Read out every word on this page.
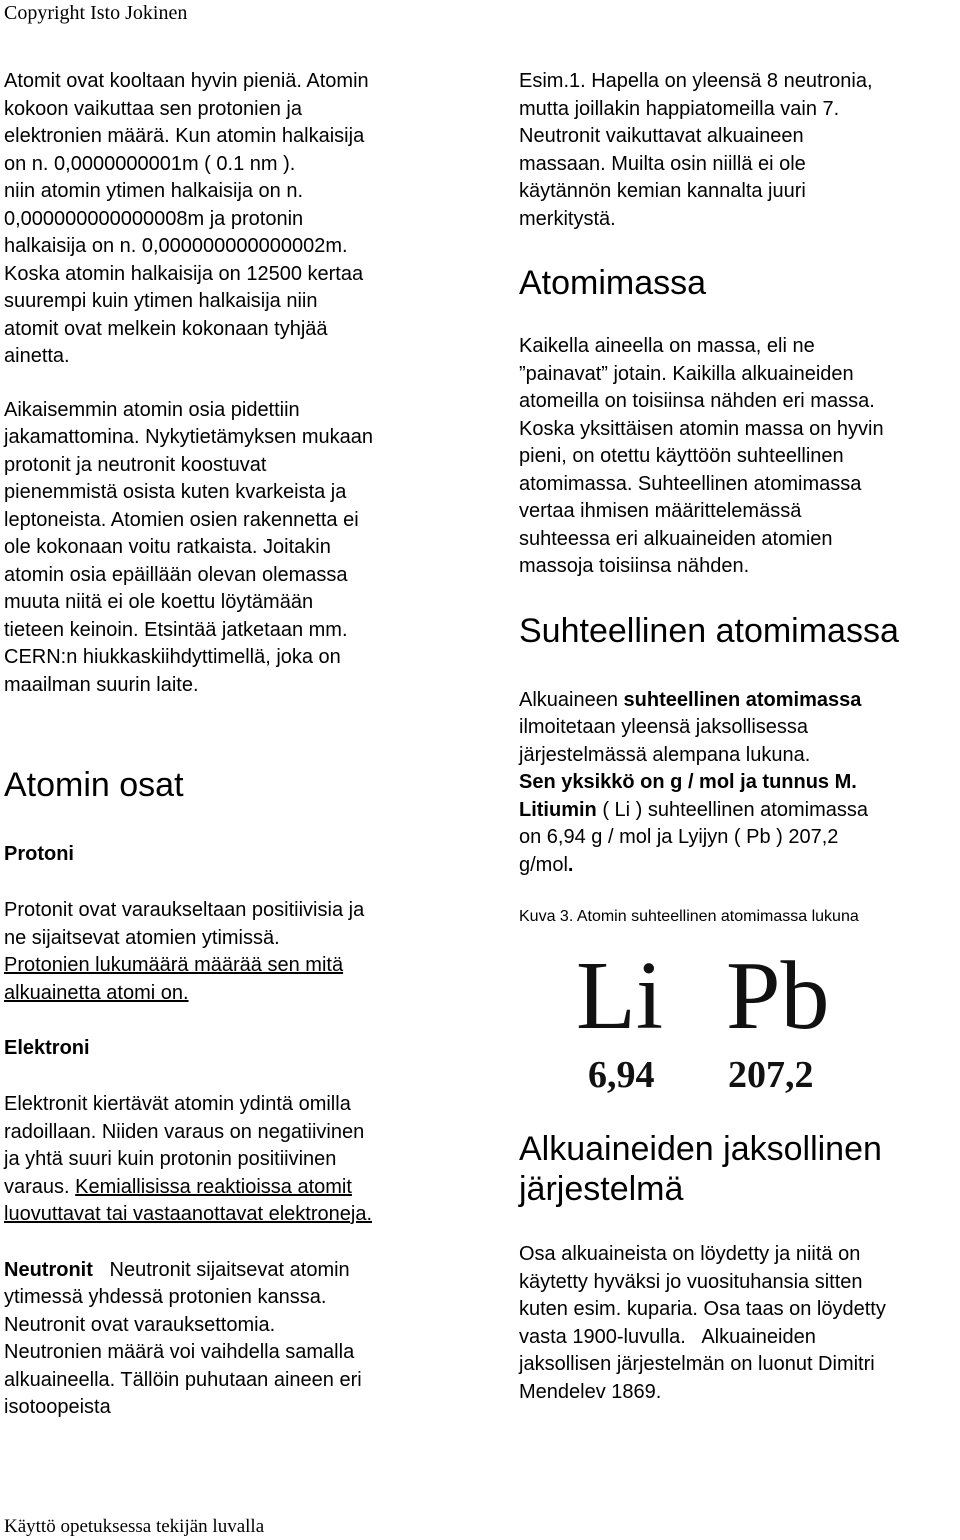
Copyright Isto Jokinen

Atomit ovat kooltaan hyvin pieniä. Atomin

kokoon vaikuttaa sen protonien ja

elektronien määrä. Kun atomin halkaisija

on n. 0,0000000001m ( 0.1 nm ).

niin atomin ytimen halkaisija on n.

0,000000000000008m ja protonin

halkaisija on n. 0,000000000000002m.

Koska atomin halkaisija on 12500 kertaa

suurempi kuin ytimen halkaisija niin

atomit ovat melkein kokonaan tyhjää

ainetta.

Aikaisemmin atomin osia pidettiin

jakamattomina. Nykytietämyksen mukaan

protonit ja neutronit koostuvat

pienemmistä osista kuten kvarkeista ja

leptoneista. Atomien osien rakennetta ei

ole kokonaan voitu ratkaista. Joitakin

atomin osia epäillään olevan olemassa

muuta niitä ei ole koettu löytämään

tieteen keinoin. Etsintää jatketaan mm.

CERN:n hiukkaskiihdyttimellä, joka on

maailman suurin laite.

Atomin osat
Protoni

Protonit ovat varaukseltaan positiivisia ja

ne sijaitsevat atomien ytimissä.

Protonien lukumäärä määrää sen mitä

alkuainetta atomi on.

Elektroni

Elektronit kiertävät atomin ydintä omilla

radoillaan. Niiden varaus on negatiivinen

ja yhtä suuri kuin protonin positiivinen

varaus. Kemiallisissa reaktioissa atomit

luovuttavat tai vastaanottavat elektroneja.

Neutronit   Neutronit sijaitsevat atomin

ytimessä yhdessä protonien kanssa.

Neutronit ovat varauksettomia.

Neutronien määrä voi vaihdella samalla

alkuaineella. Tällöin puhutaan aineen eri

isotoopeista

Esim.1. Hapella on yleensä 8 neutronia,

mutta joillakin happiatomeilla vain 7.

Neutronit vaikuttavat alkuaineen

massaan. Muilta osin niillä ei ole

käytännön kemian kannalta juuri

merkitystä.

Atomimassa

Kaikella aineella on massa, eli ne

”painavat” jotain. Kaikilla alkuaineiden

atomeilla on toisiinsa nähden eri massa.

Koska yksittäisen atomin massa on hyvin

pieni, on otettu käyttöön suhteellinen

atomimassa. Suhteellinen atomimassa

vertaa ihmisen määrittelemässä

suhteessa eri alkuaineiden atomien

massoja toisiinsa nähden.

Suhteellinen atomimassa

Alkuaineen suhteellinen atomimassa

ilmoitetaan yleensä jaksollisessa

järjestelmässä alempana lukuna.

Sen yksikkö on g / mol ja tunnus M.

Litiumin ( Li ) suhteellinen atomimassa

on 6,94 g / mol ja Lyijyn ( Pb ) 207,2

g/mol.

Kuva 3. Atomin suhteellinen atomimassa lukuna

Li Pb
6,94 207,2
Alkuaineiden jaksollinen
järjestelmä

Osa alkuaineista on löydetty ja niitä on

käytetty hyväksi jo vuosituhansia sitten

kuten esim. kuparia. Osa taas on löydetty

vasta 1900-luvulla.   Alkuaineiden

jaksollisen järjestelmän on luonut Dimitri

Mendelev 1869.

Käyttö opetuksessa tekijän luvalla
